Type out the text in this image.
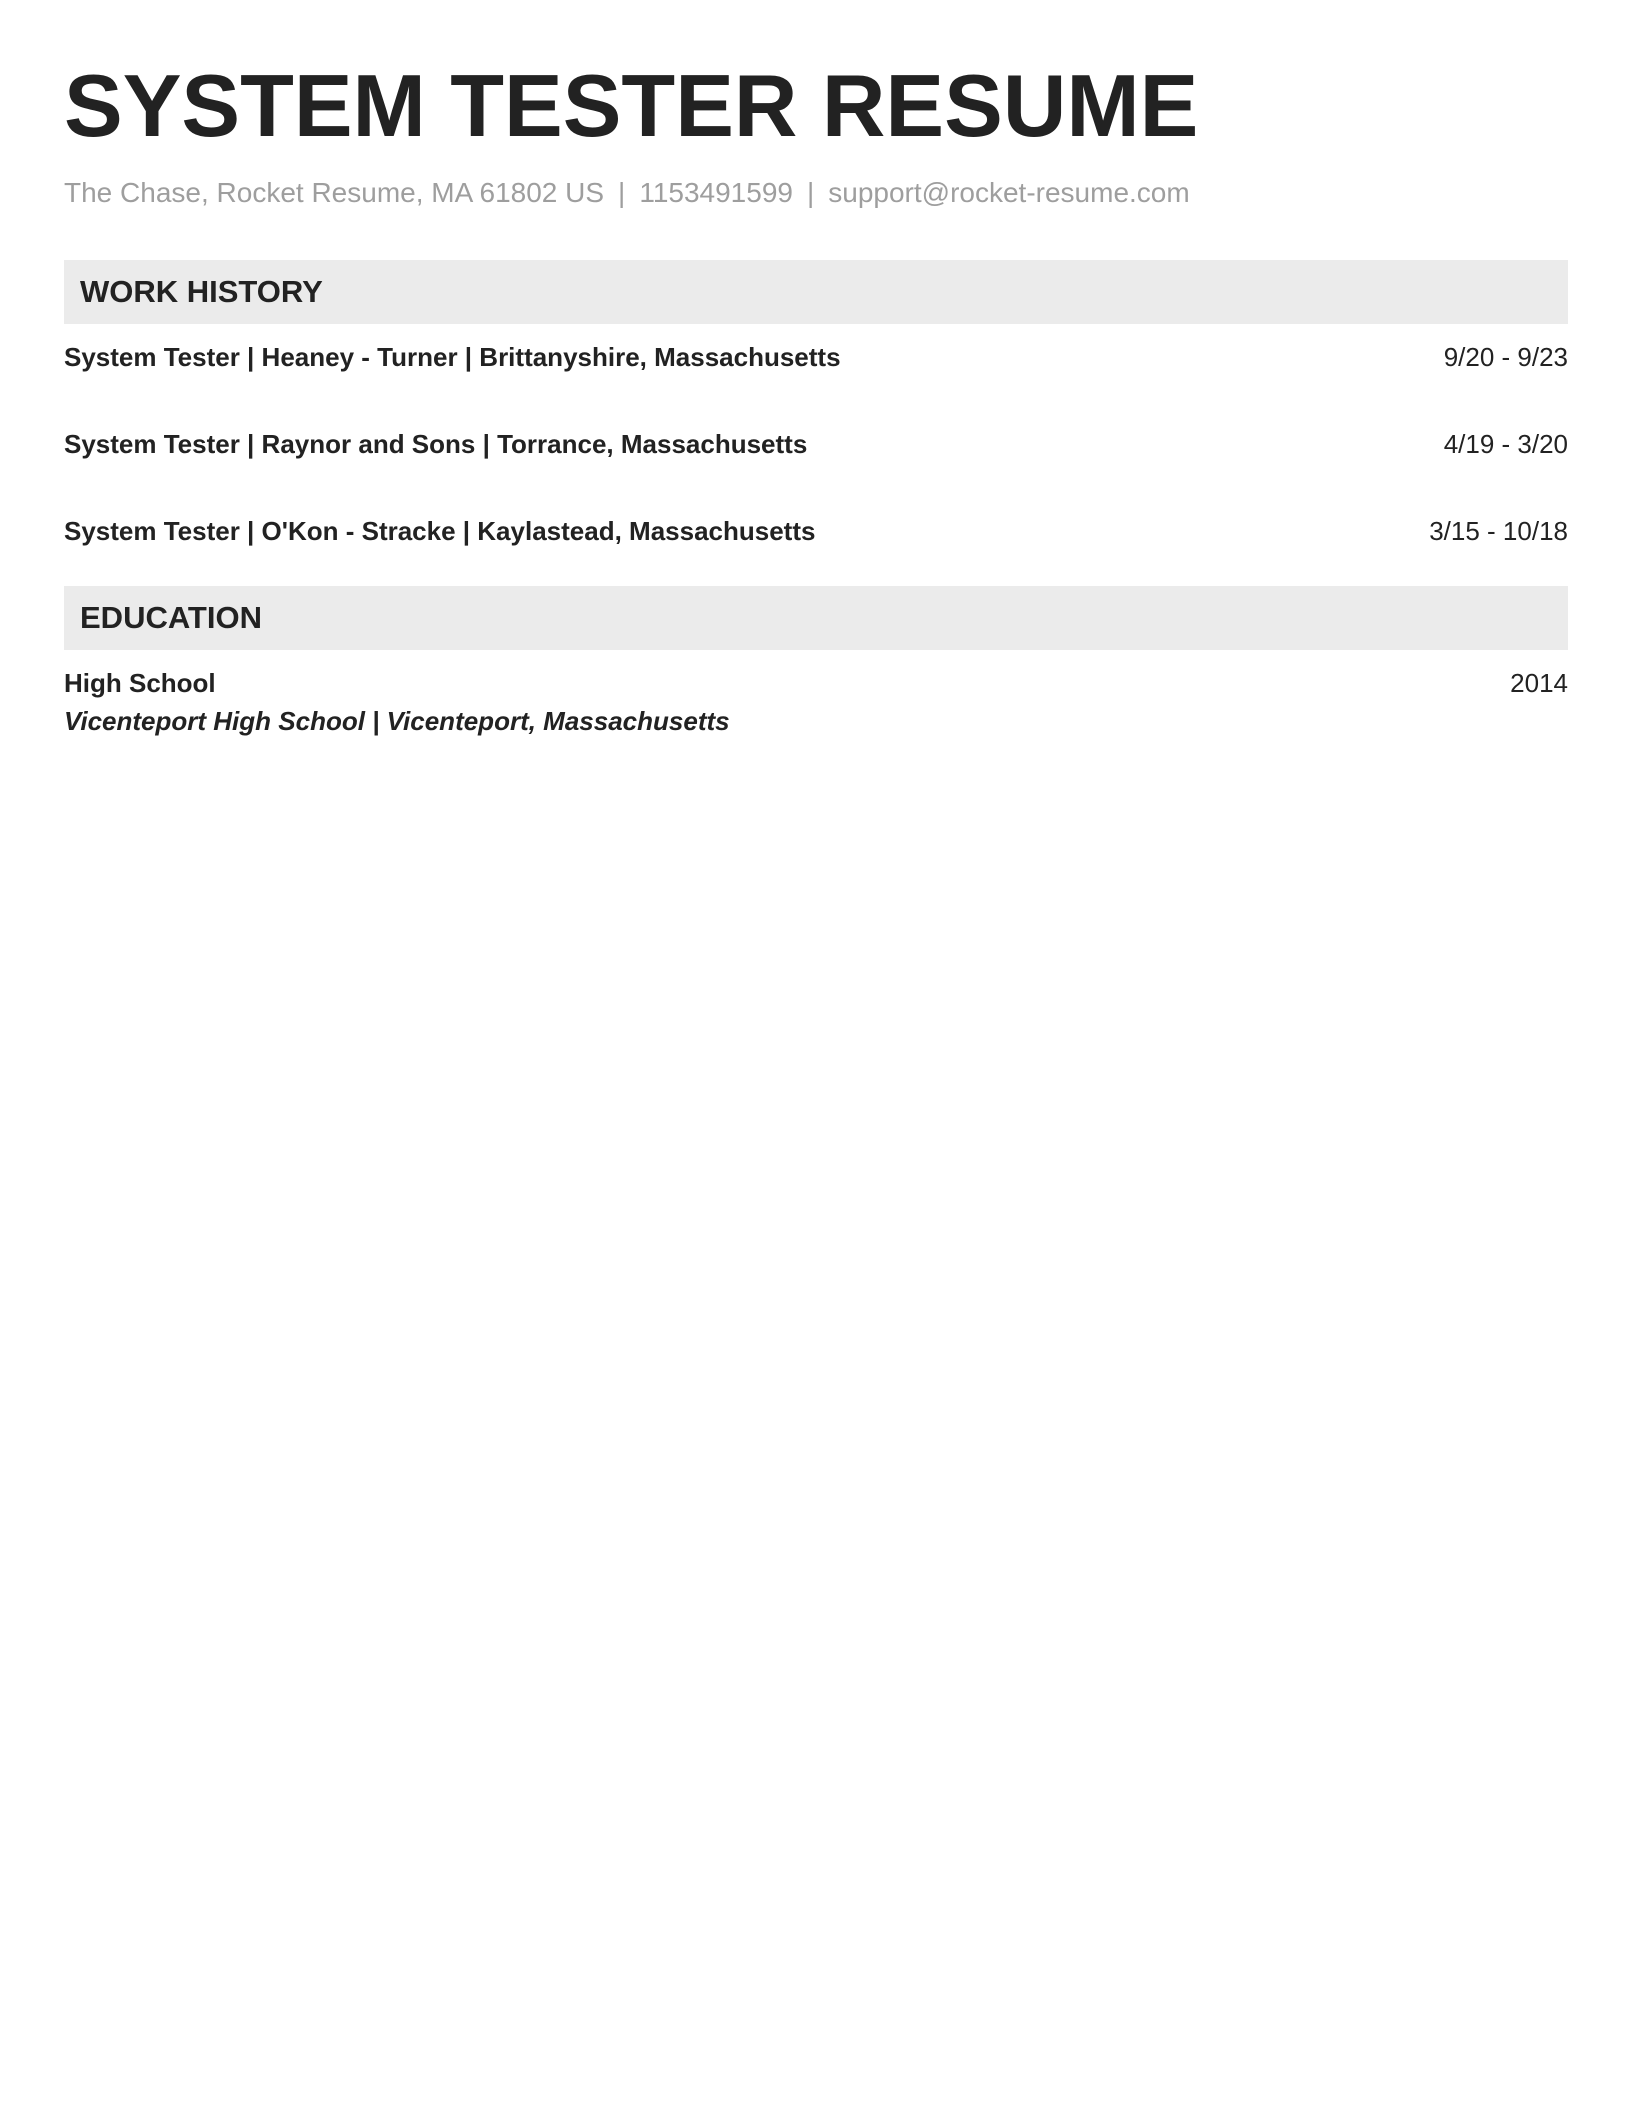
SYSTEM TESTER RESUME
The Chase, Rocket Resume, MA 61802 US | 1153491599 | support@rocket-resume.com
WORK HISTORY
System Tester | Heaney - Turner | Brittanyshire, Massachusetts	9/20 - 9/23
System Tester | Raynor and Sons | Torrance, Massachusetts	4/19 - 3/20
System Tester | O'Kon - Stracke | Kaylastead, Massachusetts	3/15 - 10/18
EDUCATION
High School	2014
Vicenteport High School | Vicenteport, Massachusetts
